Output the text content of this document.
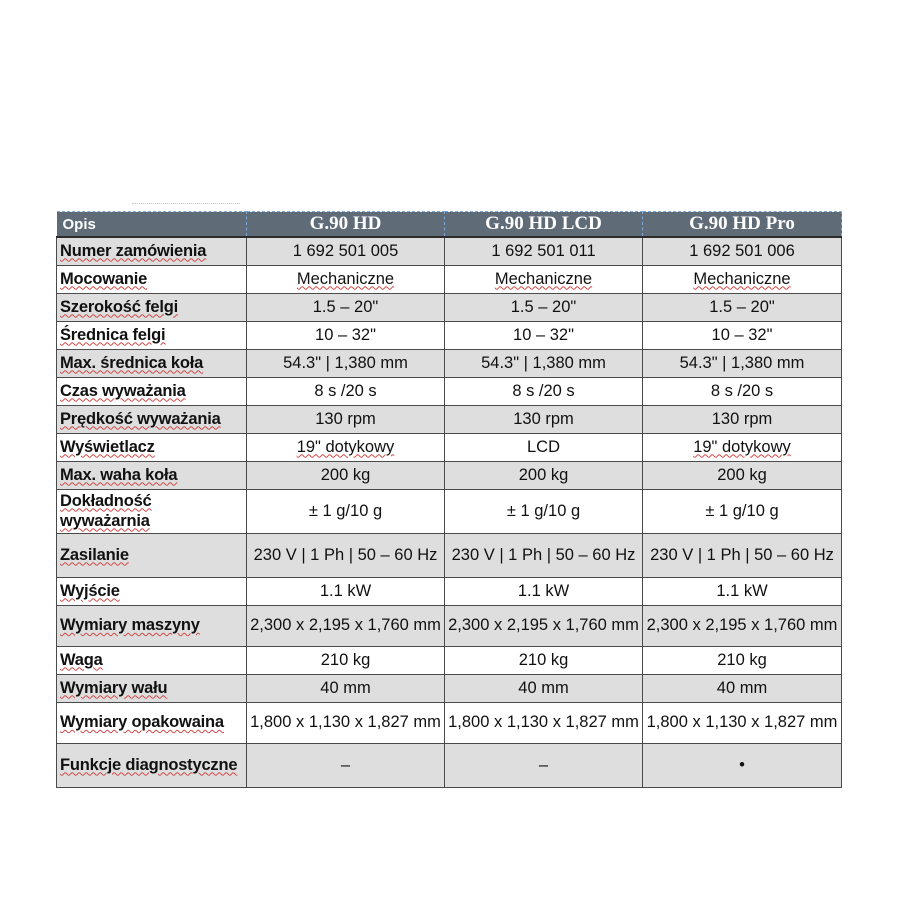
Opis	G.90 HD	G.90 HD LCD	G.90 HD Pro
Numer zamówienia	1 692 501 005	1 692 501 011	1 692 501 006
Mocowanie	Mechaniczne	Mechaniczne	Mechaniczne
Szerokość felgi	1.5 – 20"	1.5 – 20"	1.5 – 20"
Średnica felgi	10 – 32"	10 – 32"	10 – 32"
Max. średnica koła	54.3" | 1,380 mm	54.3" | 1,380 mm	54.3" | 1,380 mm
Czas wyważania	8 s /20 s	8 s /20 s	8 s /20 s
Prędkość wyważania	130 rpm	130 rpm	130 rpm
Wyświetlacz	19" dotykowy	LCD	19" dotykowy
Max. waha koła	200 kg	200 kg	200 kg
Dokładność wyważarnia	± 1 g/10 g	± 1 g/10 g	± 1 g/10 g
Zasilanie	230 V | 1 Ph | 50 – 60 Hz	230 V | 1 Ph | 50 – 60 Hz	230 V | 1 Ph | 50 – 60 Hz
Wyjście	1.1 kW	1.1 kW	1.1 kW
Wymiary maszyny	2,300 x 2,195 x 1,760 mm	2,300 x 2,195 x 1,760 mm	2,300 x 2,195 x 1,760 mm
Waga	210 kg	210 kg	210 kg
Wymiary wału	40 mm	40 mm	40 mm
Wymiary opakowaina	1,800 x 1,130 x 1,827 mm	1,800 x 1,130 x 1,827 mm	1,800 x 1,130 x 1,827 mm
Funkcje diagnostyczne	–	–	•
